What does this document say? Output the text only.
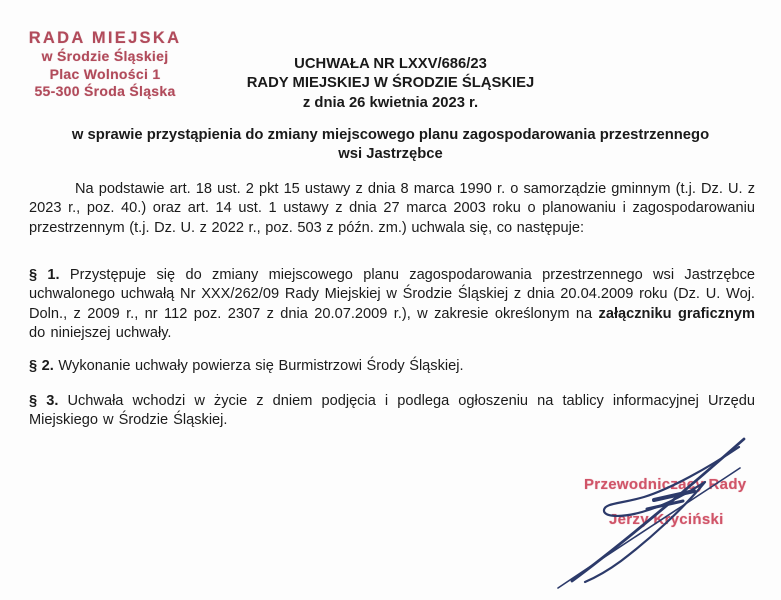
RADA MIEJSKA
w Środzie Śląskiej
Plac Wolności 1
55-300 Środa Śląska
UCHWAŁA NR LXXV/686/23
RADY MIEJSKIEJ W ŚRODZIE ŚLĄSKIEJ
z dnia 26 kwietnia 2023 r.
w sprawie przystąpienia do zmiany miejscowego planu zagospodarowania przestrzennego
wsi Jastrzębce

Na podstawie art. 18 ust. 2 pkt 15 ustawy z dnia 8 marca 1990 r. o samorządzie gminnym (t.j. Dz. U. z 2023 r., poz. 40.) oraz art. 14 ust. 1 ustawy z dnia 27 marca 2003 roku o planowaniu i zagospodarowaniu przestrzennym (t.j. Dz. U. z 2022 r., poz. 503 z późn. zm.) uchwala się, co następuje:

§ 1. Przystępuje się do zmiany miejscowego planu zagospodarowania przestrzennego wsi Jastrzębce uchwalonego uchwałą Nr XXX/262/09 Rady Miejskiej w Środzie Śląskiej z dnia 20.04.2009 roku (Dz. U. Woj. Doln., z 2009 r., nr 112 poz. 2307 z dnia 20.07.2009 r.), w zakresie określonym na załączniku graficznym do niniejszej uchwały.

§ 2. Wykonanie uchwały powierza się Burmistrzowi Środy Śląskiej.

§ 3. Uchwała wchodzi w życie z dniem podjęcia i podlega ogłoszeniu na tablicy informacyjnej Urzędu Miejskiego w Środzie Śląskiej.

Przewodniczący Rady
Jerzy Kryciński
